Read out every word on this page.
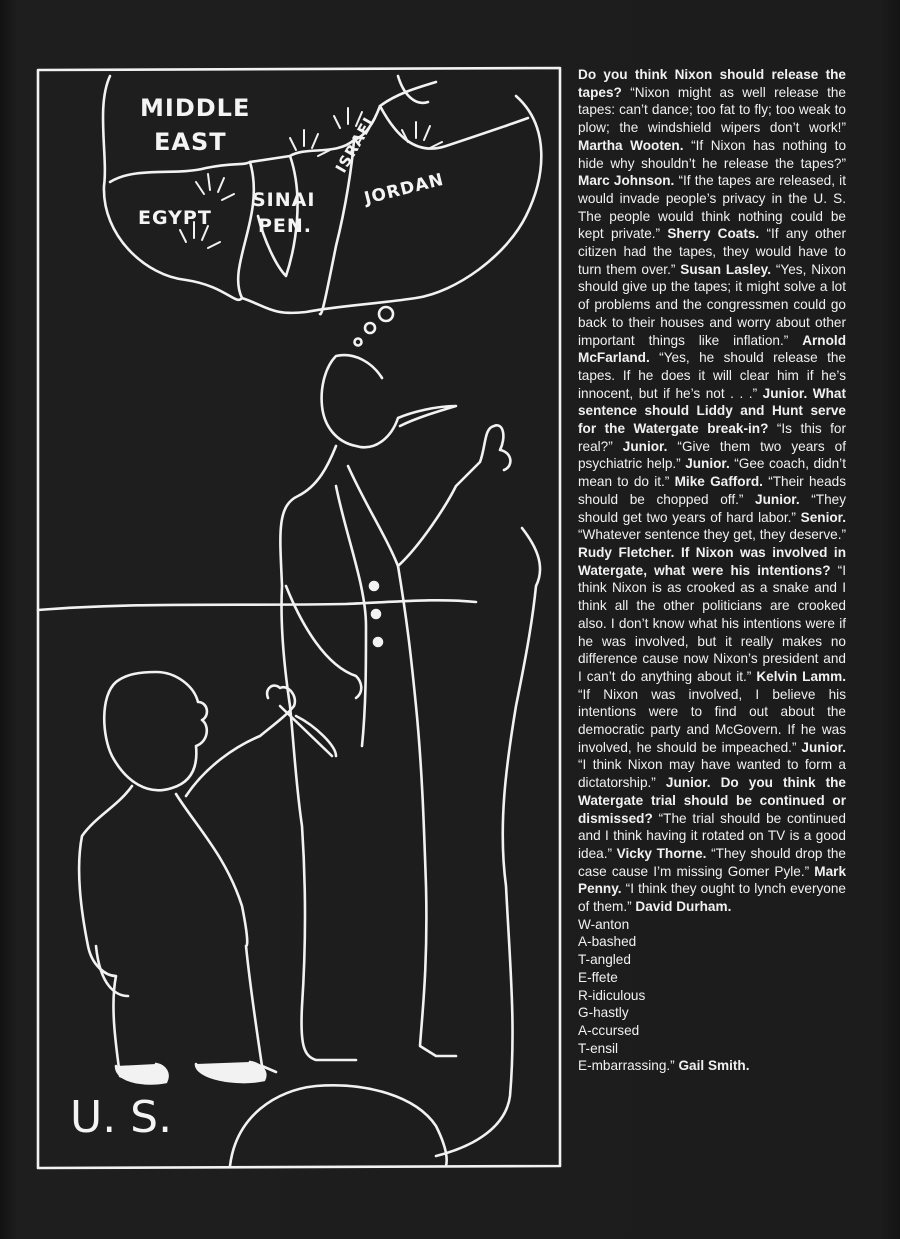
MIDDLE
EAST
EGYPT
SINAI
PEN.
ISRAEL
JORDAN
U. S.

Do you think Nixon should release the tapes? “Nixon might as well release the tapes: can’t dance; too fat to fly; too weak to plow; the windshield wipers don’t work!” Martha Wooten. “If Nixon has nothing to hide why shouldn’t he release the tapes?” Marc Johnson. “If the tapes are released, it would invade people’s privacy in the U. S. The people would think nothing could be kept private.” Sherry Coats. “If any other citizen had the tapes, they would have to turn them over.” Susan Lasley. “Yes, Nixon should give up the tapes; it might solve a lot of problems and the congressmen could go back to their houses and worry about other important things like inflation.” Arnold McFarland. “Yes, he should release the tapes. If he does it will clear him if he’s innocent, but if he’s not . . .” Junior. What sentence should Liddy and Hunt serve for the Watergate break-in? “Is this for real?” Junior. “Give them two years of psychiatric help.” Junior. “Gee coach, didn’t mean to do it.” Mike Gafford. “Their heads should be chopped off.” Junior. “They should get two years of hard labor.” Senior. “Whatever sentence they get, they deserve.” Rudy Fletcher. If Nixon was involved in Watergate, what were his intentions? “I think Nixon is as crooked as a snake and I think all the other politicians are crooked also. I don’t know what his intentions were if he was involved, but it really makes no difference cause now Nixon’s president and I can’t do anything about it.” Kelvin Lamm. “If Nixon was involved, I believe his intentions were to find out about the democratic party and McGovern. If he was involved, he should be impeached.” Junior. “I think Nixon may have wanted to form a dictatorship.” Junior. Do you think the Watergate trial should be continued or dismissed? “The trial should be continued and I think having it rotated on TV is a good idea.” Vicky Thorne. “They should drop the case cause I’m missing Gomer Pyle.” Mark Penny. “I think they ought to lynch everyone of them.” David Durham.

W-anton
A-bashed
T-angled
E-ffete
R-idiculous
G-hastly
A-ccursed
T-ensil
E-mbarrassing.” Gail Smith.
